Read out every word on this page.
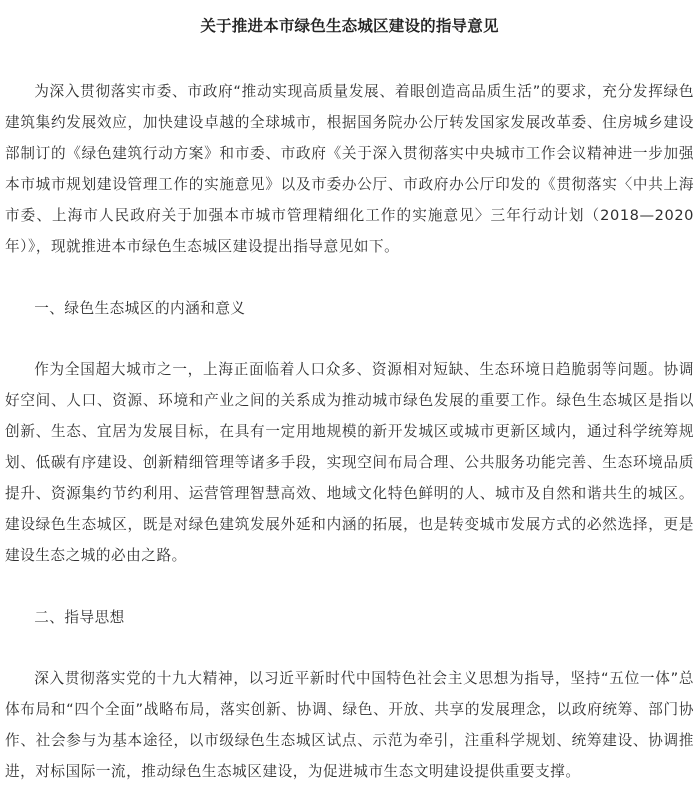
关于推进本市绿色生态城区建设的指导意见

为深入贯彻落实市委、市政府“推动实现高质量发展、着眼创造高品质生活”的要求，充分发挥绿色建筑集约发展效应，加快建设卓越的全球城市，根据国务院办公厅转发国家发展改革委、住房城乡建设部制订的《绿色建筑行动方案》和市委、市政府《关于深入贯彻落实中央城市工作会议精神进一步加强本市城市规划建设管理工作的实施意见》以及市委办公厅、市政府办公厅印发的《贯彻落实〈中共上海市委、上海市人民政府关于加强本市城市管理精细化工作的实施意见〉三年行动计划（2018—2020年）》，现就推进本市绿色生态城区建设提出指导意见如下。

一、绿色生态城区的内涵和意义

作为全国超大城市之一，上海正面临着人口众多、资源相对短缺、生态环境日趋脆弱等问题。协调好空间、人口、资源、环境和产业之间的关系成为推动城市绿色发展的重要工作。绿色生态城区是指以创新、生态、宜居为发展目标，在具有一定用地规模的新开发城区或城市更新区域内，通过科学统筹规划、低碳有序建设、创新精细管理等诸多手段，实现空间布局合理、公共服务功能完善、生态环境品质提升、资源集约节约利用、运营管理智慧高效、地域文化特色鲜明的人、城市及自然和谐共生的城区。建设绿色生态城区，既是对绿色建筑发展外延和内涵的拓展，也是转变城市发展方式的必然选择，更是建设生态之城的必由之路。

二、指导思想

深入贯彻落实党的十九大精神，以习近平新时代中国特色社会主义思想为指导，坚持“五位一体”总体布局和“四个全面”战略布局，落实创新、协调、绿色、开放、共享的发展理念，以政府统筹、部门协作、社会参与为基本途径，以市级绿色生态城区试点、示范为牵引，注重科学规划、统筹建设、协调推进，对标国际一流，推动绿色生态城区建设，为促进城市生态文明建设提供重要支撑。
